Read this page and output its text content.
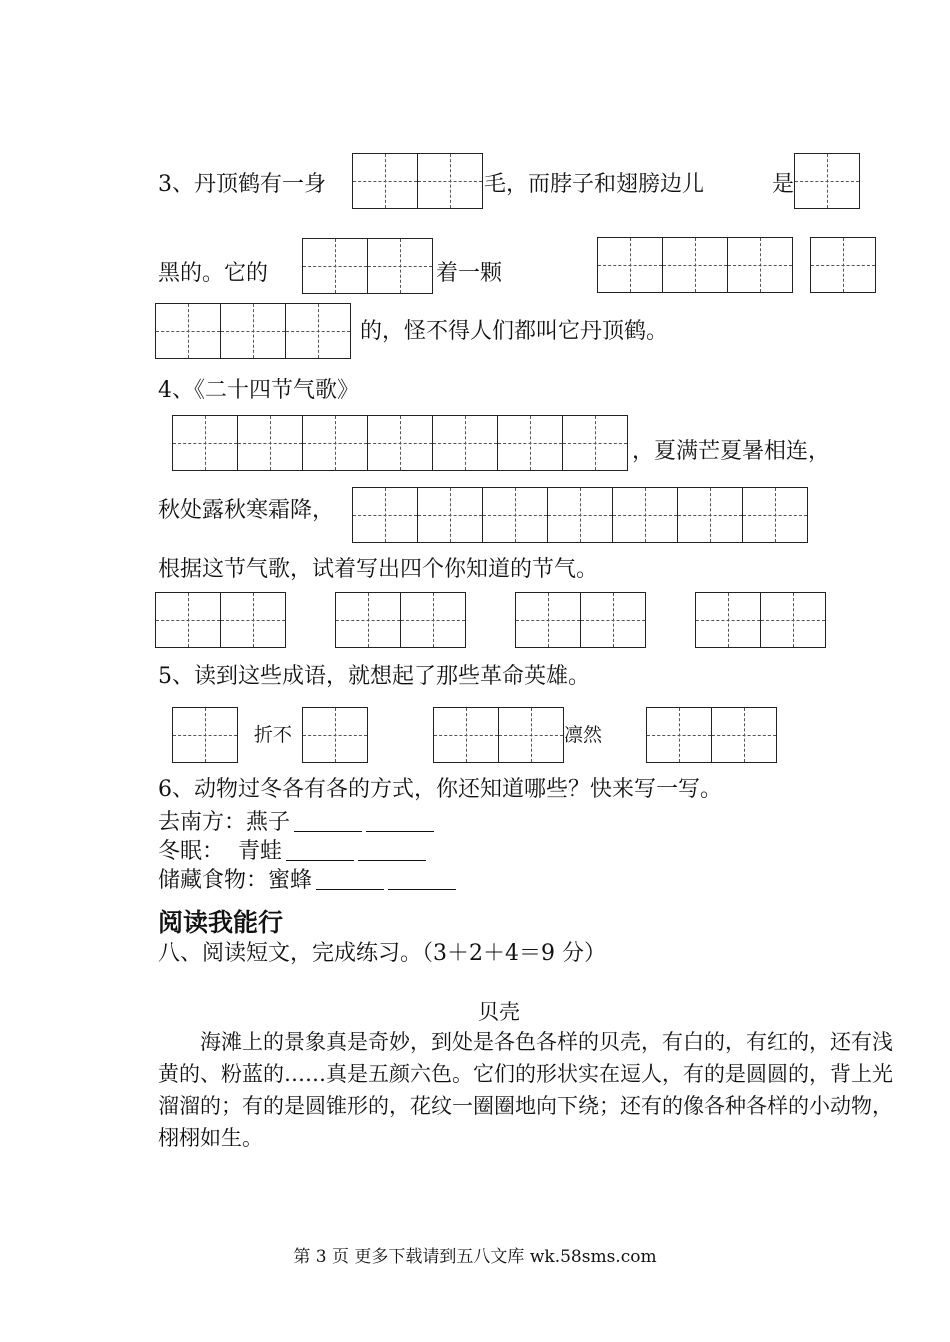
3、丹顶鹤有一身	毛，而脖子和翅膀边儿	是
黑的。它的	着一颗
的，怪不得人们都叫它丹顶鹤。
4、《二十四节气歌》
，夏满芒夏暑相连，
秋处露秋寒霜降，
根据这节气歌，试着写出四个你知道的节气。
5、读到这些成语，就想起了那些革命英雄。
折不	凛然
6、动物过冬各有各的方式，你还知道哪些？快来写一写。
去南方：燕子
冬眠：  青蛙
储藏食物：蜜蜂
阅读我能行
八、阅读短文，完成练习。（3＋2＋4＝9 分）
贝壳
海滩上的景象真是奇妙，到处是各色各样的贝壳，有白的，有红的，还有浅黄的、粉蓝的……真是五颜六色。它们的形状实在逗人，有的是圆圆的，背上光溜溜的；有的是圆锥形的，花纹一圈圈地向下绕；还有的像各种各样的小动物，栩栩如生。
第 3 页 更多下载请到五八文库 wk.58sms.com
